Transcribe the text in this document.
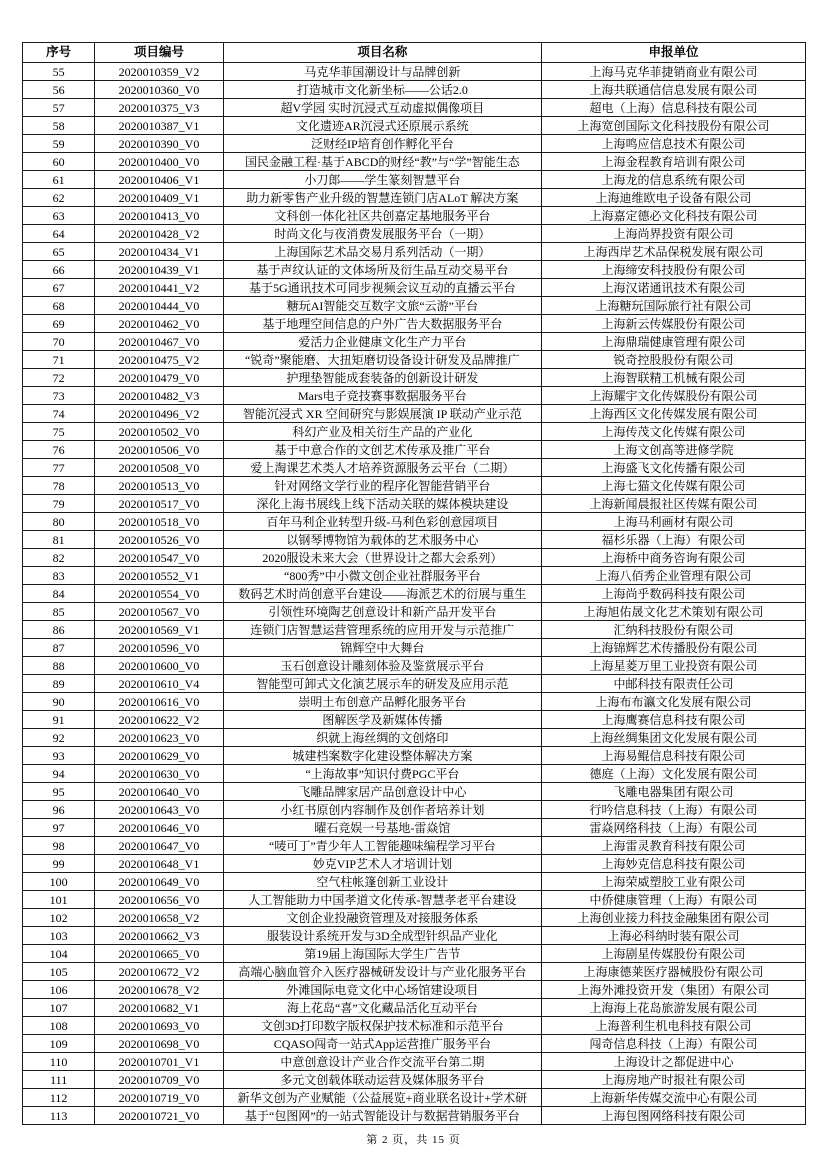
序号	项目编号	项目名称	申报单位
55	2020010359_V2	马克华菲国潮设计与品牌创新	上海马克华菲捷销商业有限公司
56	2020010360_V0	打造城市文化新坐标——公话2.0	上海共联通信信息发展有限公司
57	2020010375_V3	超V学园 实时沉浸式互动虚拟偶像项目	超电（上海）信息科技有限公司
58	2020010387_V1	文化遗迹AR沉浸式还原展示系统	上海宽创国际文化科技股份有限公司
59	2020010390_V0	泛财经IP培育创作孵化平台	上海鸣应信息技术有限公司
60	2020010400_V0	国民金融工程·基于ABCD的财经“教”与“学”智能生态	上海金程教育培训有限公司
61	2020010406_V1	小刀郎——学生篆刻智慧平台	上海龙的信息系统有限公司
62	2020010409_V1	助力新零售产业升级的智慧连锁门店ALoT 解决方案	上海迪维欧电子设备有限公司
63	2020010413_V0	文科创一体化社区共创嘉定基地服务平台	上海嘉定德必文化科技有限公司
64	2020010428_V2	时尚文化与夜消费发展服务平台（一期）	上海尚界投资有限公司
65	2020010434_V1	上海国际艺术品交易月系列活动（一期）	上海西岸艺术品保税发展有限公司
66	2020010439_V1	基于声纹认证的文体场所及衍生品互动交易平台	上海缔安科技股份有限公司
67	2020010441_V2	基于5G通讯技术可同步视频会议互动的直播云平台	上海汉诺通讯技术有限公司
68	2020010444_V0	糖玩AI智能交互数字文旅“云游”平台	上海糖玩国际旅行社有限公司
69	2020010462_V0	基于地理空间信息的户外广告大数据服务平台	上海新云传媒股份有限公司
70	2020010467_V0	爱活力企业健康文化生产力平台	上海鼎瑞健康管理有限公司
71	2020010475_V2	“锐奇”聚能磨、大扭矩磨切设备设计研发及品牌推广	锐奇控股股份有限公司
72	2020010479_V0	护理垫智能成套装备的创新设计研发	上海智联精工机械有限公司
73	2020010482_V3	Mars电子竞技赛事数据服务平台	上海耀宇文化传媒股份有限公司
74	2020010496_V2	智能沉浸式 XR 空间研究与影娱展演 IP 联动产业示范	上海西区文化传媒发展有限公司
75	2020010502_V0	科幻产业及相关衍生产品的产业化	上海传茂文化传媒有限公司
76	2020010506_V0	基于中意合作的文创艺术传承及推广平台	上海文创高等进修学院
77	2020010508_V0	爱上淘课艺术类人才培养资源服务云平台（二期）	上海盛飞文化传播有限公司
78	2020010513_V0	针对网络文学行业的程序化智能营销平台	上海七猫文化传媒有限公司
79	2020010517_V0	深化上海书展线上线下活动关联的媒体模块建设	上海新闻晨报社区传媒有限公司
80	2020010518_V0	百年马利企业转型升级-马利色彩创意园项目	上海马利画材有限公司
81	2020010526_V0	以钢琴博物馆为载体的艺术服务中心	福杉乐器（上海）有限公司
82	2020010547_V0	2020服设未来大会（世界设计之都大会系列）	上海桥中商务咨询有限公司
83	2020010552_V1	“800秀”中小微文创企业社群服务平台	上海八佰秀企业管理有限公司
84	2020010554_V0	数码艺术时尚创意平台建设——海派艺术的衍展与重生	上海尚乎数码科技有限公司
85	2020010567_V0	引领性环境陶艺创意设计和新产品开发平台	上海旭佑晟文化艺术策划有限公司
86	2020010569_V1	连锁门店智慧运营管理系统的应用开发与示范推广	汇纳科技股份有限公司
87	2020010596_V0	锦辉空中大舞台	上海锦辉艺术传播股份有限公司
88	2020010600_V0	玉石创意设计雕刻体验及鉴赏展示平台	上海星菱万里工业投资有限公司
89	2020010610_V4	智能型可卸式文化演艺展示车的研发及应用示范	中邮科技有限责任公司
90	2020010616_V0	崇明土布创意产品孵化服务平台	上海布布瀛文化发展有限公司
91	2020010622_V2	图解医学及新媒体传播	上海鹰赛信息科技有限公司
92	2020010623_V0	织就上海丝绸的文创烙印	上海丝绸集团文化发展有限公司
93	2020010629_V0	城建档案数字化建设整体解决方案	上海易鲲信息科技有限公司
94	2020010630_V0	“上海故事”知识付费PGC平台	德庭（上海）文化发展有限公司
95	2020010640_V0	飞雕品牌家居产品创意设计中心	飞雕电器集团有限公司
96	2020010643_V0	小红书原创内容制作及创作者培养计划	行吟信息科技（上海）有限公司
97	2020010646_V0	曜石竞娱一号基地-雷焱馆	雷焱网络科技（上海）有限公司
98	2020010647_V0	“唛可丁”青少年人工智能趣味编程学习平台	上海雷灵教育科技有限公司
99	2020010648_V1	妙克VIP艺术人才培训计划	上海妙克信息科技有限公司
100	2020010649_V0	空气柱帐篷创新工业设计	上海荣威塑胶工业有限公司
101	2020010656_V0	人工智能助力中国孝道文化传承-智慧孝老平台建设	中侨健康管理（上海）有限公司
102	2020010658_V2	文创企业投融资管理及对接服务体系	上海创业接力科技金融集团有限公司
103	2020010662_V3	服装设计系统开发与3D全成型针织品产业化	上海必科纳时装有限公司
104	2020010665_V0	第19届上海国际大学生广告节	上海剧星传媒股份有限公司
105	2020010672_V2	高端心脑血管介入医疗器械研发设计与产业化服务平台	上海康德莱医疗器械股份有限公司
106	2020010678_V2	外滩国际电竞文化中心场馆建设项目	上海外滩投资开发（集团）有限公司
107	2020010682_V1	海上花岛“喜”文化藏品活化互动平台	上海海上花岛旅游发展有限公司
108	2020010693_V0	文创3D打印数字版权保护技术标准和示范平台	上海普利生机电科技有限公司
109	2020010698_V0	CQASO闯奇一站式App运营推广服务平台	闯奇信息科技（上海）有限公司
110	2020010701_V1	中意创意设计产业合作交流平台第二期	上海设计之都促进中心
111	2020010709_V0	多元文创载体联动运营及媒体服务平台	上海房地产时报社有限公司
112	2020010719_V0	新华文创为产业赋能（公益展览+商业联名设计+学术研	上海新华传媒交流中心有限公司
113	2020010721_V0	基于“包图网”的一站式智能设计与数据营销服务平台	上海包图网络科技有限公司
第 2 页，共 15 页
